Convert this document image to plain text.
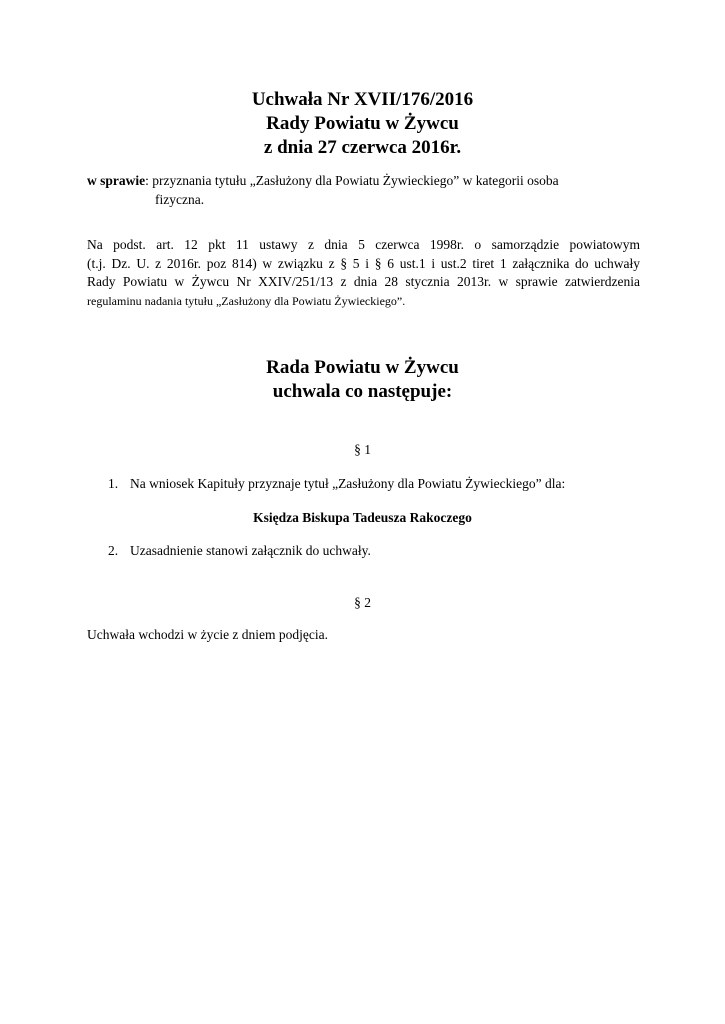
Uchwała Nr XVII/176/2016
Rady Powiatu w Żywcu
z dnia 27 czerwca 2016r.
w sprawie: przyznania tytułu „Zasłużony dla Powiatu Żywieckiego” w kategorii osoba
fizyczna.
Na podst. art. 12 pkt 11 ustawy z dnia 5 czerwca 1998r. o samorządzie powiatowym
(t.j. Dz. U. z 2016r. poz 814) w związku z § 5 i § 6 ust.1 i ust.2 tiret 1 załącznika do uchwały
Rady Powiatu w Żywcu Nr XXIV/251/13 z dnia 28 stycznia 2013r. w sprawie zatwierdzenia
regulaminu nadania tytułu „Zasłużony dla Powiatu Żywieckiego”.
Rada Powiatu w Żywcu
uchwala co następuje:
§ 1
1. Na wniosek Kapituły przyznaje tytuł „Zasłużony dla Powiatu Żywieckiego” dla:
Księdza Biskupa Tadeusza Rakoczego
2. Uzasadnienie stanowi załącznik do uchwały.
§ 2
Uchwała wchodzi w życie z dniem podjęcia.
